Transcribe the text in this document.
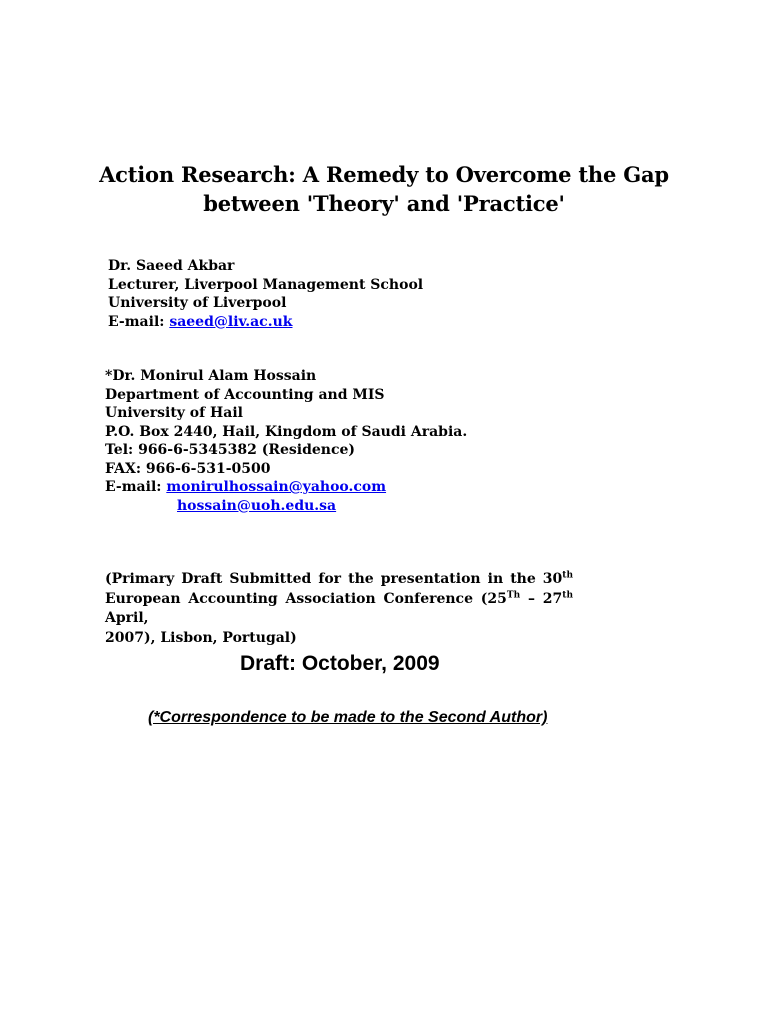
Action Research: A Remedy to Overcome the Gap
between 'Theory' and 'Practice'
Dr. Saeed Akbar
Lecturer, Liverpool Management School
University of Liverpool
E-mail: saeed@liv.ac.uk
*Dr. Monirul Alam Hossain
Department of Accounting and MIS
University of Hail
P.O. Box 2440, Hail, Kingdom of Saudi Arabia.
Tel: 966-6-5345382 (Residence)
FAX: 966-6-531-0500
E-mail: monirulhossain@yahoo.com
hossain@uoh.edu.sa
(Primary Draft Submitted for the presentation in the 30th
European Accounting Association Conference (25Th – 27th April,
2007), Lisbon, Portugal)
Draft: October, 2009
(*Correspondence to be made to the Second Author)
